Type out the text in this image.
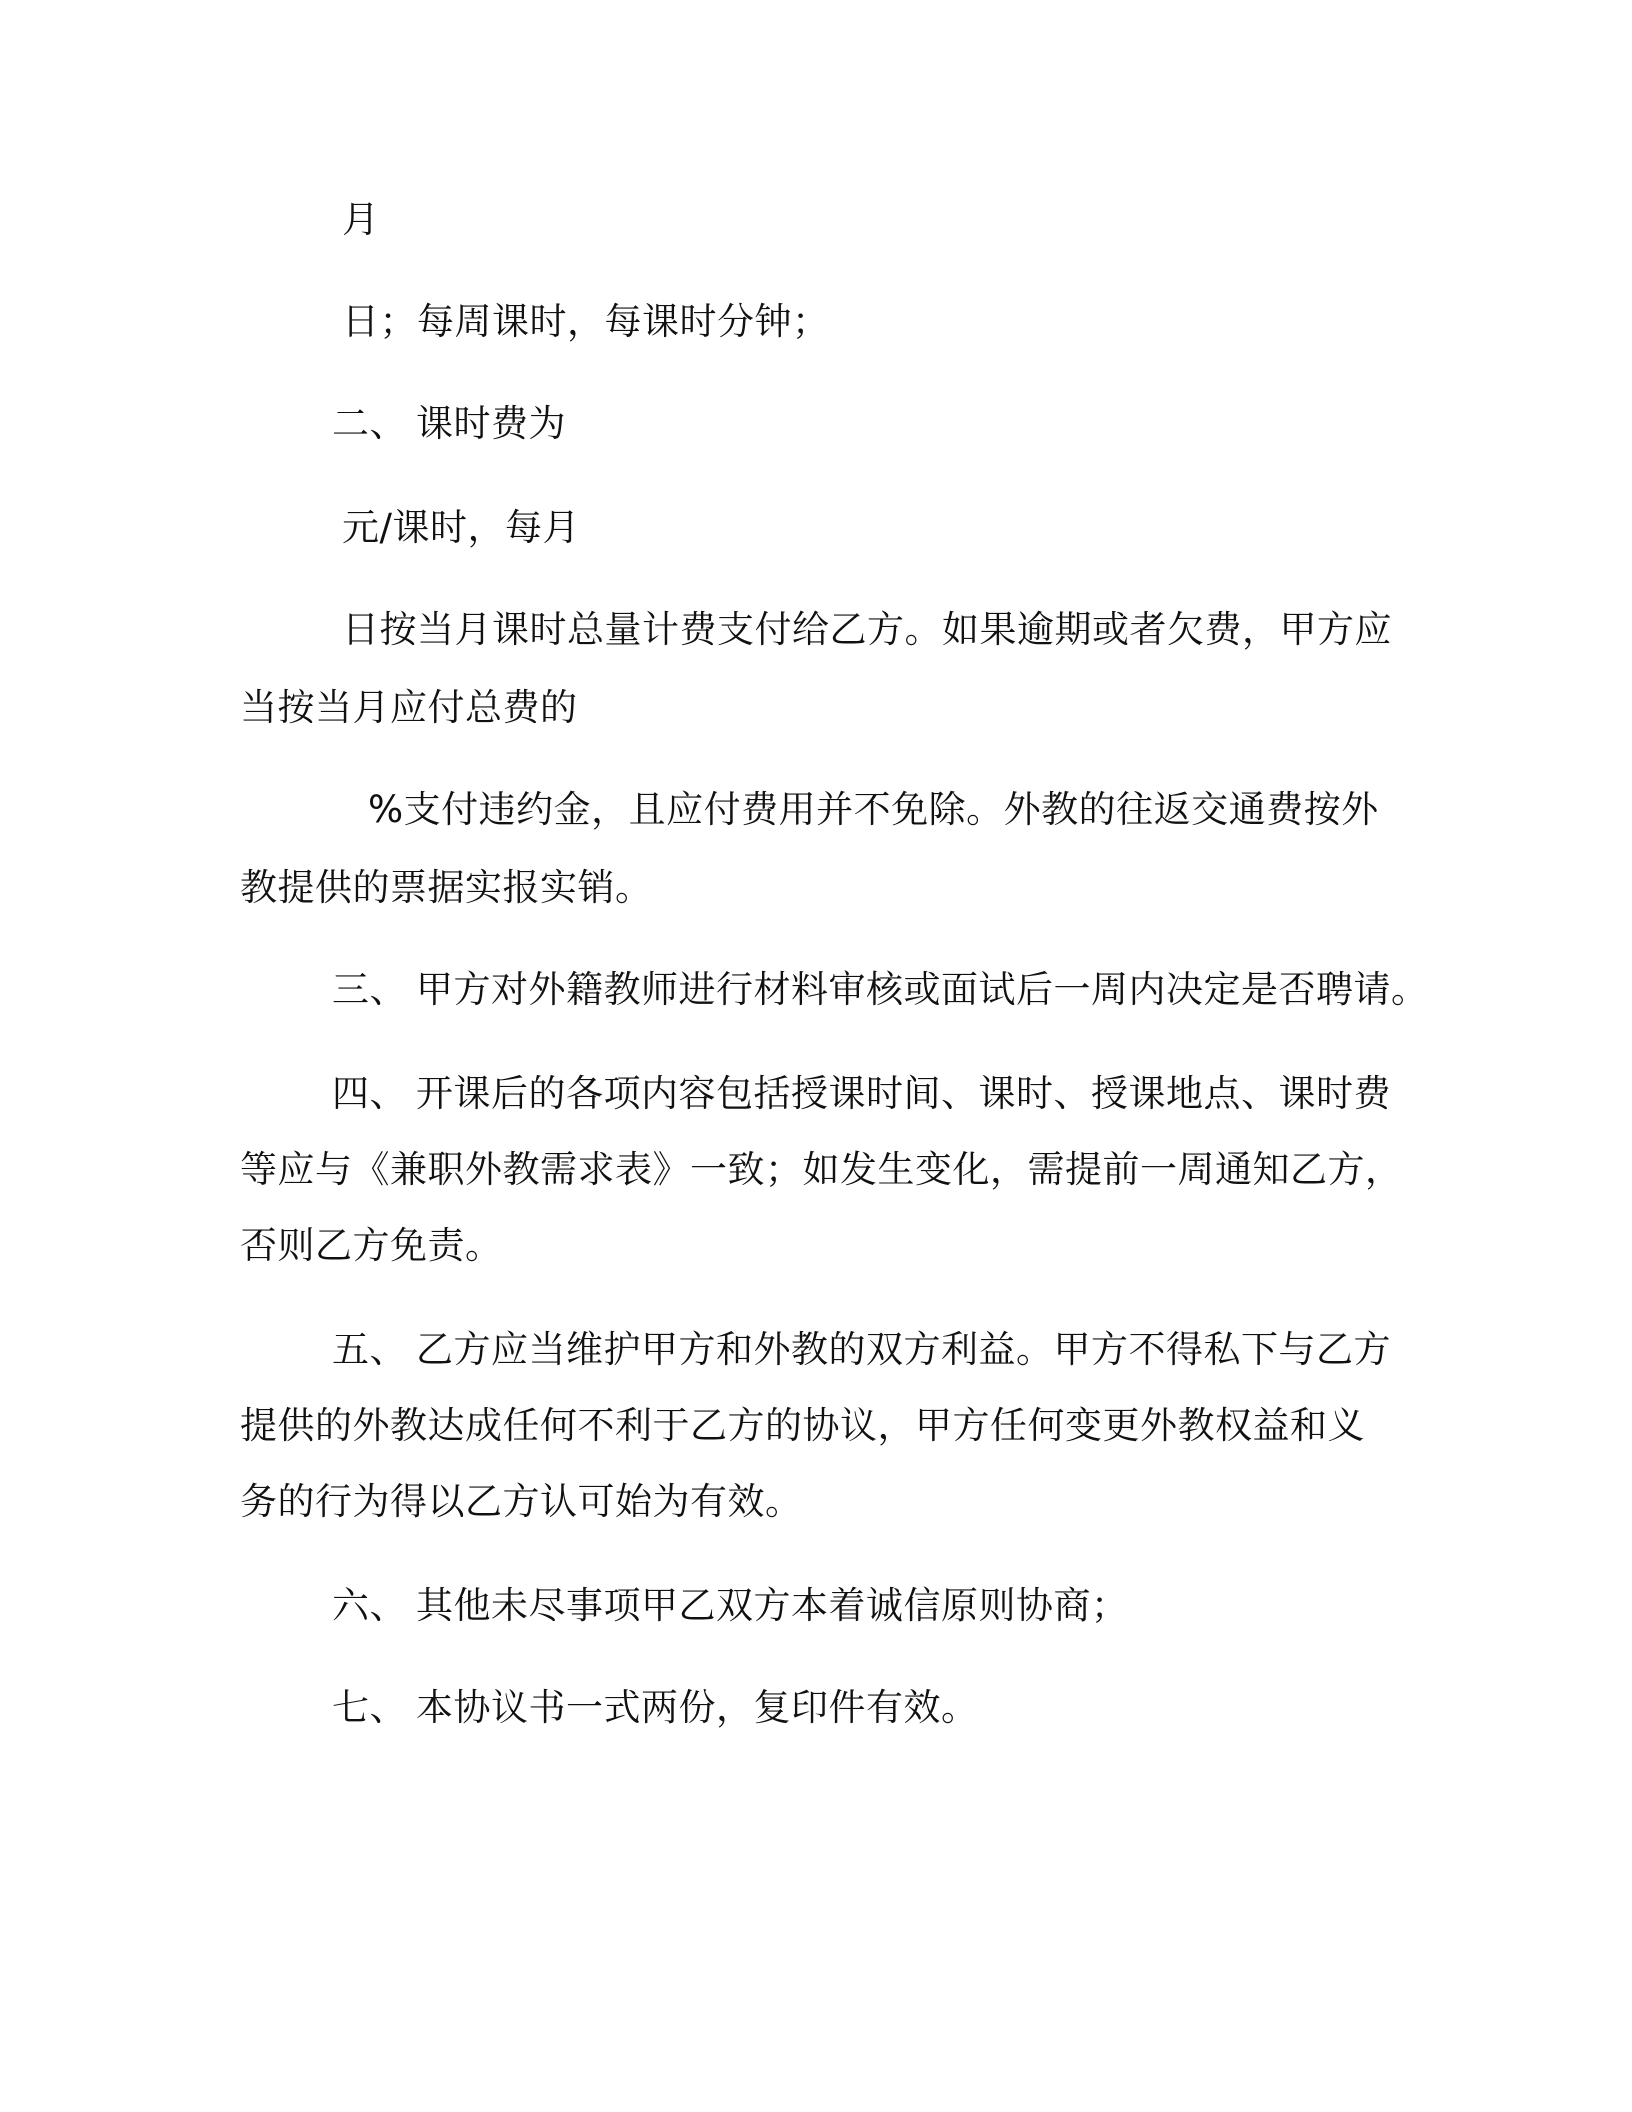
月
日；每周课时，每课时分钟；
二、 课时费为
元/课时，每月
日按当月课时总量计费支付给乙方。如果逾期或者欠费，甲方应
当按当月应付总费的
%支付违约金，且应付费用并不免除。外教的往返交通费按外
教提供的票据实报实销。
三、 甲方对外籍教师进行材料审核或面试后一周内决定是否聘请。
四、 开课后的各项内容包括授课时间、课时、授课地点、课时费
等应与《兼职外教需求表》一致；如发生变化，需提前一周通知乙方，
否则乙方免责。
五、 乙方应当维护甲方和外教的双方利益。甲方不得私下与乙方
提供的外教达成任何不利于乙方的协议，甲方任何变更外教权益和义
务的行为得以乙方认可始为有效。
六、 其他未尽事项甲乙双方本着诚信原则协商；
七、 本协议书一式两份，复印件有效。
